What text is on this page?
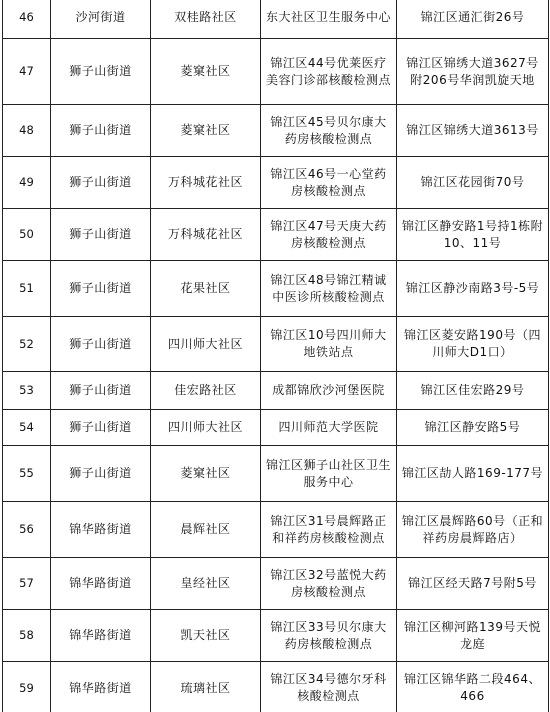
46	沙河街道	双桂路社区	东大社区卫生服务中心	锦江区通汇街26号
47	狮子山街道	菱窠社区	锦江区44号优莱医疗美容门诊部核酸检测点	锦江区锦绣大道3627号附206号华润凯旋天地
48	狮子山街道	菱窠社区	锦江区45号贝尔康大药房核酸检测点	锦江区锦绣大道3613号
49	狮子山街道	万科城花社区	锦江区46号一心堂药房核酸检测点	锦江区花园街70号
50	狮子山街道	万科城花社区	锦江区47号天庚大药房核酸检测点	锦江区静安路1号持1栋附10、11号
51	狮子山街道	花果社区	锦江区48号锦江精诚中医诊所核酸检测点	锦江区静沙南路3号-5号
52	狮子山街道	四川师大社区	锦江区10号四川师大地铁站点	锦江区菱安路190号（四川师大D1口）
53	狮子山街道	佳宏路社区	成都锦欣沙河堡医院	锦江区佳宏路29号
54	狮子山街道	四川师大社区	四川师范大学医院	锦江区静安路5号
55	狮子山街道	菱窠社区	锦江区狮子山社区卫生服务中心	锦江区劼人路169-177号
56	锦华路街道	晨辉社区	锦江区31号晨辉路正和祥药房核酸检测点	锦江区晨辉路60号（正和祥药房晨辉路店）
57	锦华路街道	皇经社区	锦江区32号蓝悦大药房核酸检测点	锦江区经天路7号附5号
58	锦华路街道	凯天社区	锦江区33号贝尔康大药房核酸检测点	锦江区柳河路139号天悦龙庭
59	锦华路街道	琉璃社区	锦江区34号德尔牙科核酸检测点	锦江区锦华路二段464、466
